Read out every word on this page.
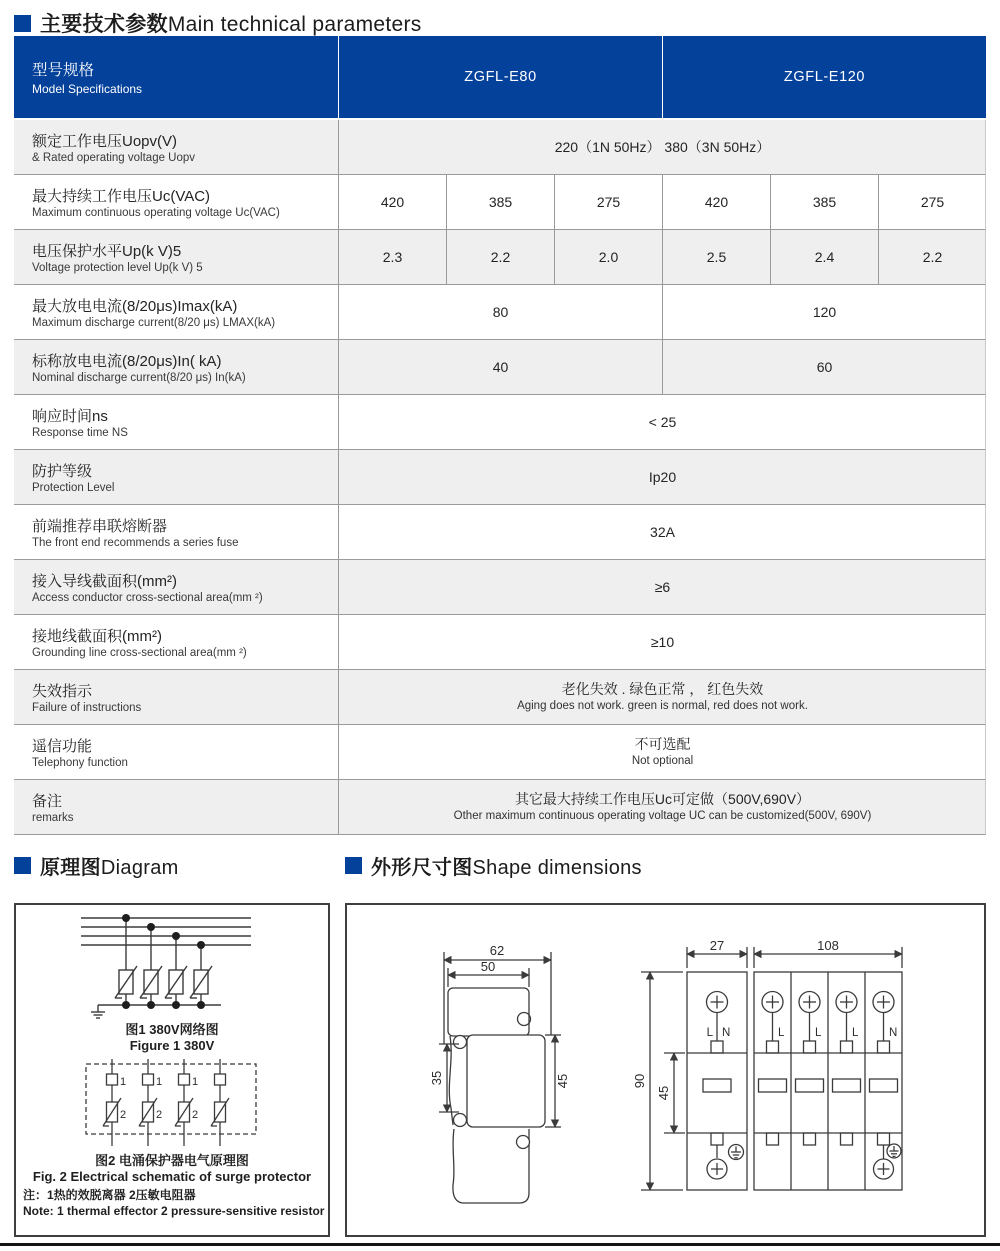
主要技术参数Main technical parameters
型号规格
Model Specifications
ZGFL-E80	ZGFL-E120
额定工作电压Uopv(V)
& Rated operating voltage Uopv
220（1N 50Hz） 380（3N 50Hz）
最大持续工作电压Uc(VAC)
Maximum continuous operating voltage Uc(VAC)
420	385	275	420	385	275
电压保护水平Up(k V)5
Voltage protection level Up(k V) 5
2.3	2.2	2.0	2.5	2.4	2.2
最大放电电流(8/20μs)Imax(kA)
Maximum discharge current(8/20 μs) LMAX(kA)
80	120
标称放电电流(8/20μs)In( kA)
Nominal discharge current(8/20 μs) In(kA)
40	60
响应时间ns
Response time NS
< 25
防护等级
Protection Level
Ip20
前端推荐串联熔断器
The front end recommends a series fuse
32A
接入导线截面积(mm²)
Access conductor cross-sectional area(mm ²)
≥6
接地线截面积(mm²)
Grounding line cross-sectional area(mm ²)
≥10
失效指示
Failure of instructions
老化失效 . 绿色正常 ， 红色失效
Aging does not work. green is normal, red does not work.
遥信功能
Telephony function
不可选配
Not optional
备注
remarks
其它最大持续工作电压Uc可定做（500V,690V）
Other maximum continuous operating voltage UC can be customized(500V, 690V)
原理图Diagram	外形尺寸图Shape dimensions
图1 380V网络图
Figure 1 380V
1	1	1
2	2	2
图2 电涌保护器电气原理图
Fig. 2 Electrical schematic of surge protector
注：1热的效脱离器 2压敏电阻器
Note: 1 thermal effector 2 pressure-sensitive resistor
62
50
35	45
27
90
45
108
L N	L	L	L	N
